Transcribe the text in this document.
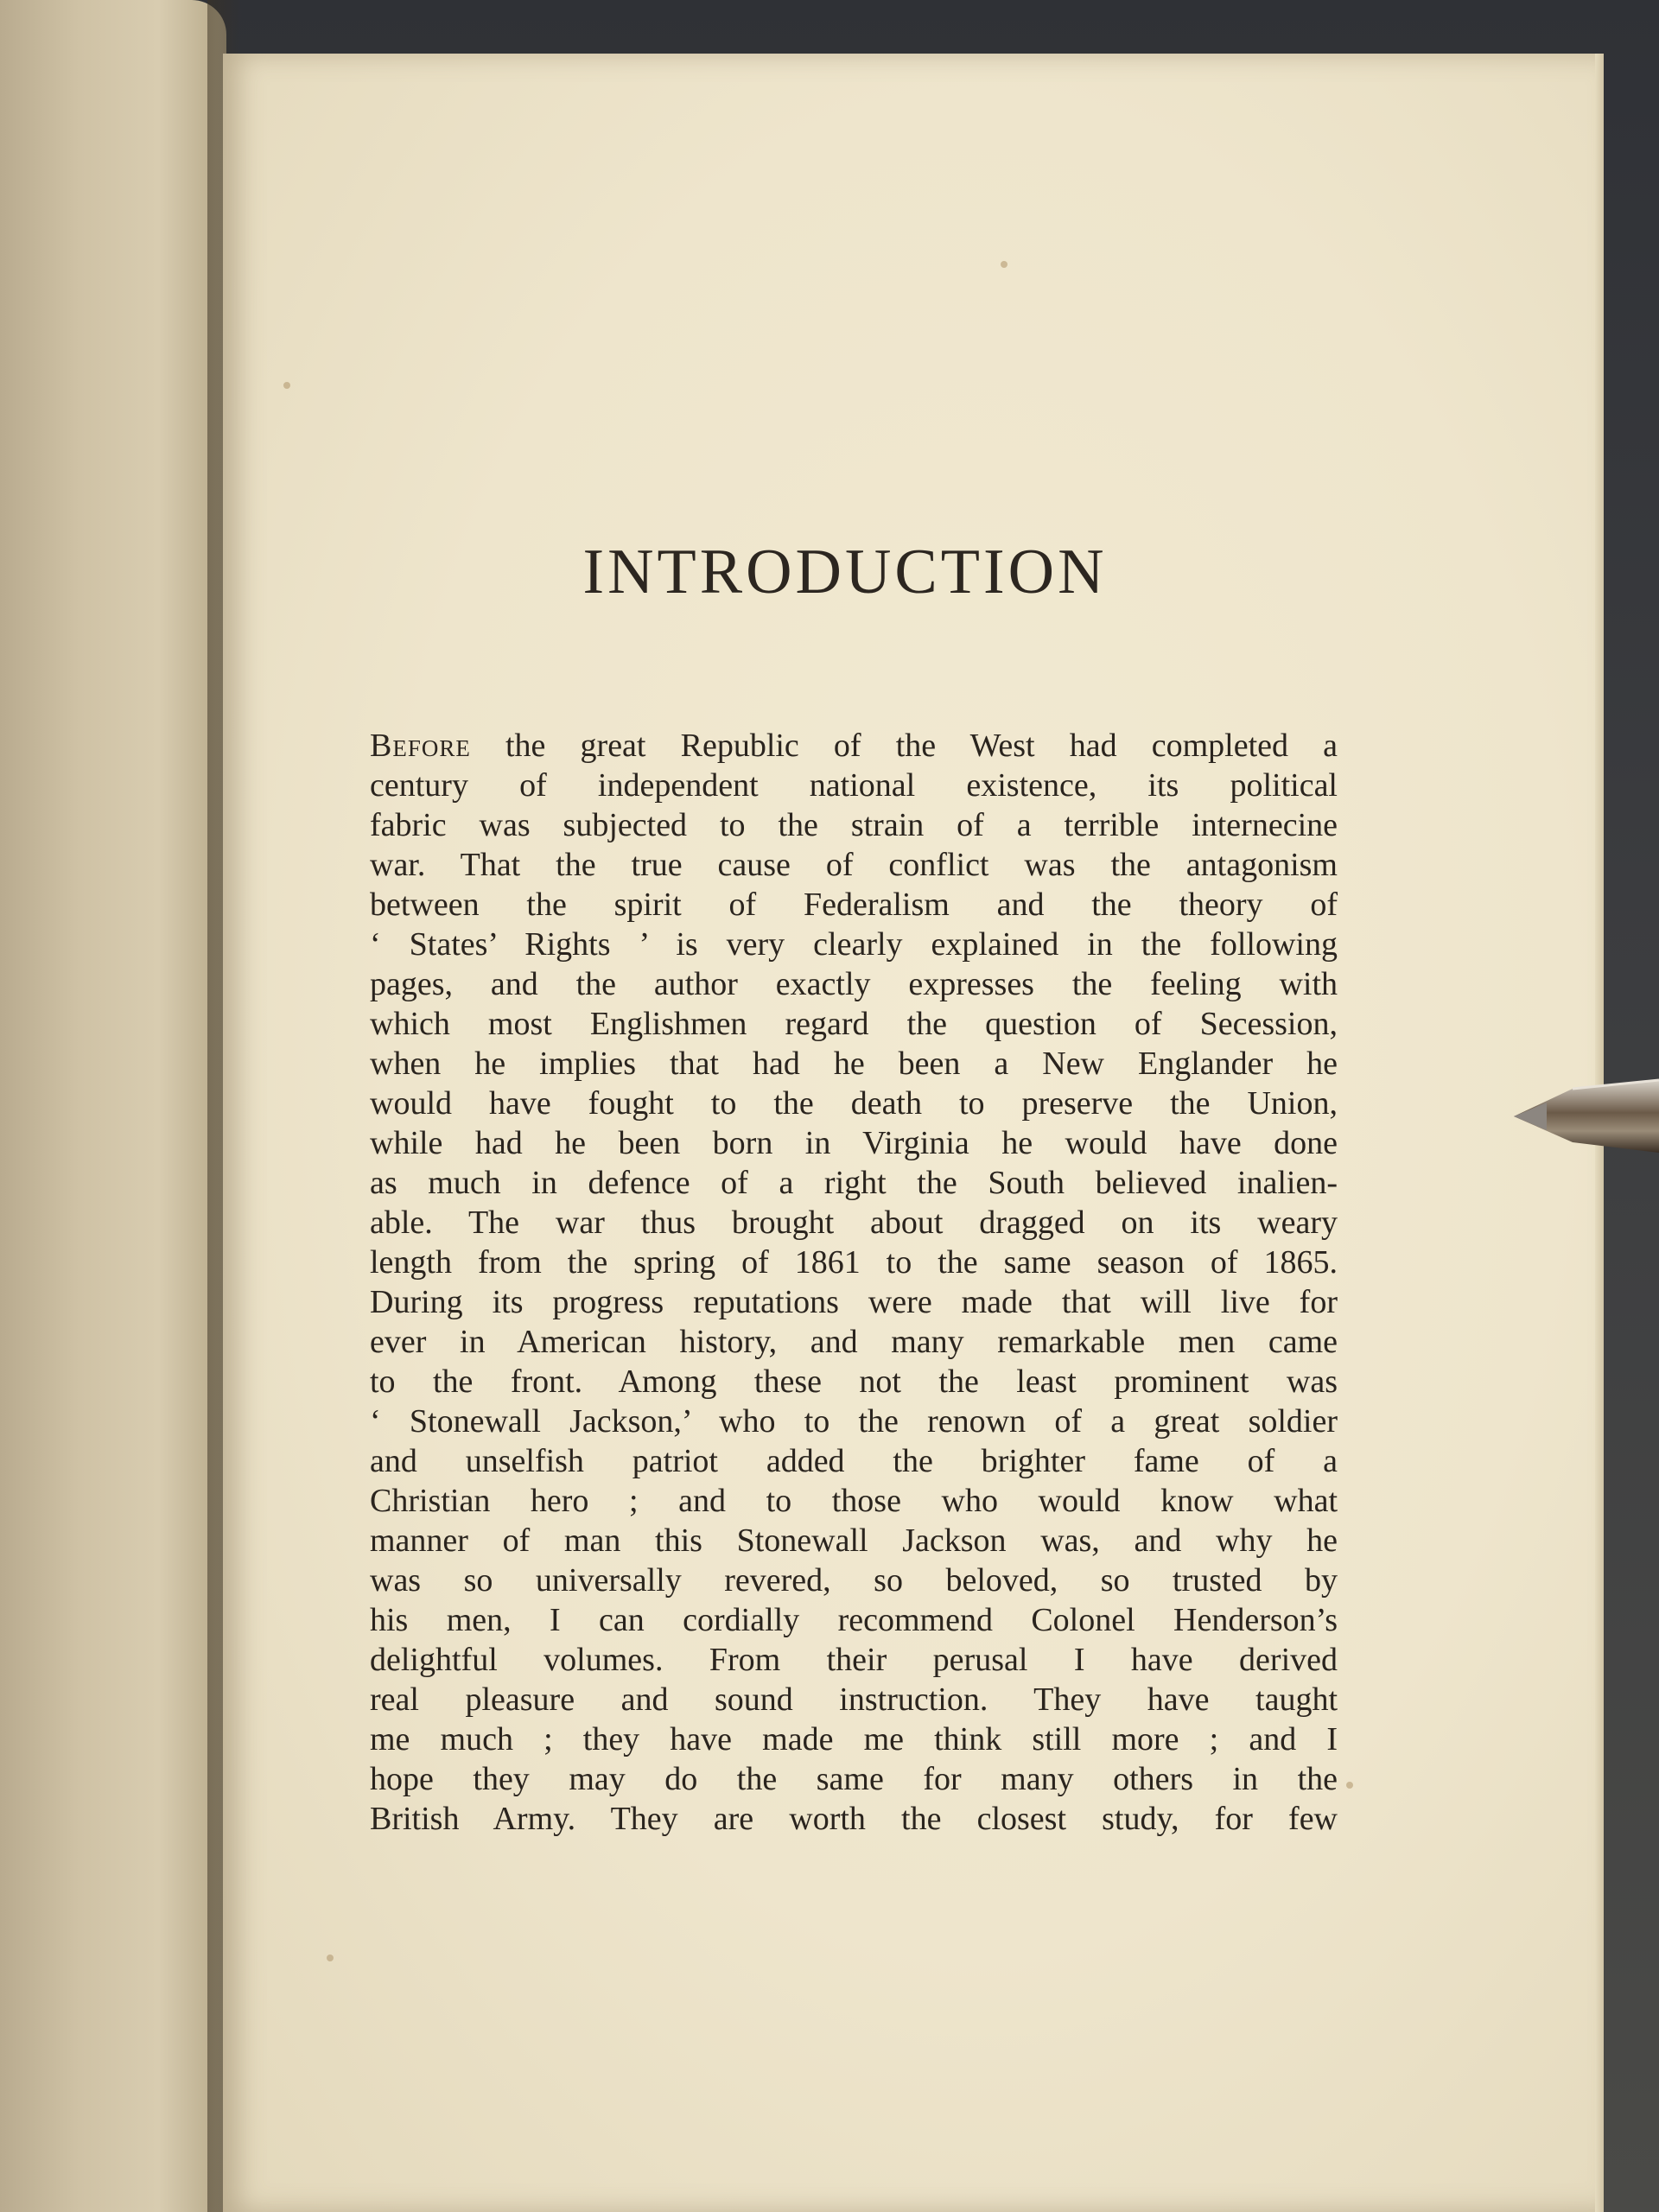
INTRODUCTION
Before the great Republic of the West had completed a
century of independent national existence, its political
fabric was subjected to the strain of a terrible internecine
war. That the true cause of conflict was the antagonism
between the spirit of Federalism and the theory of
‘ States’ Rights ’ is very clearly explained in the following
pages, and the author exactly expresses the feeling with
which most Englishmen regard the question of Secession,
when he implies that had he been a New Englander he
would have fought to the death to preserve the Union,
while had he been born in Virginia he would have done
as much in defence of a right the South believed inalien-
able. The war thus brought about dragged on its weary
length from the spring of 1861 to the same season of 1865.
During its progress reputations were made that will live for
ever in American history, and many remarkable men came
to the front. Among these not the least prominent was
‘ Stonewall Jackson,’ who to the renown of a great soldier
and unselfish patriot added the brighter fame of a
Christian hero ; and to those who would know what
manner of man this Stonewall Jackson was, and why he
was so universally revered, so beloved, so trusted by
his men, I can cordially recommend Colonel Henderson’s
delightful volumes. From their perusal I have derived
real pleasure and sound instruction. They have taught
me much ; they have made me think still more ; and I
hope they may do the same for many others in the
British Army. They are worth the closest study, for few
